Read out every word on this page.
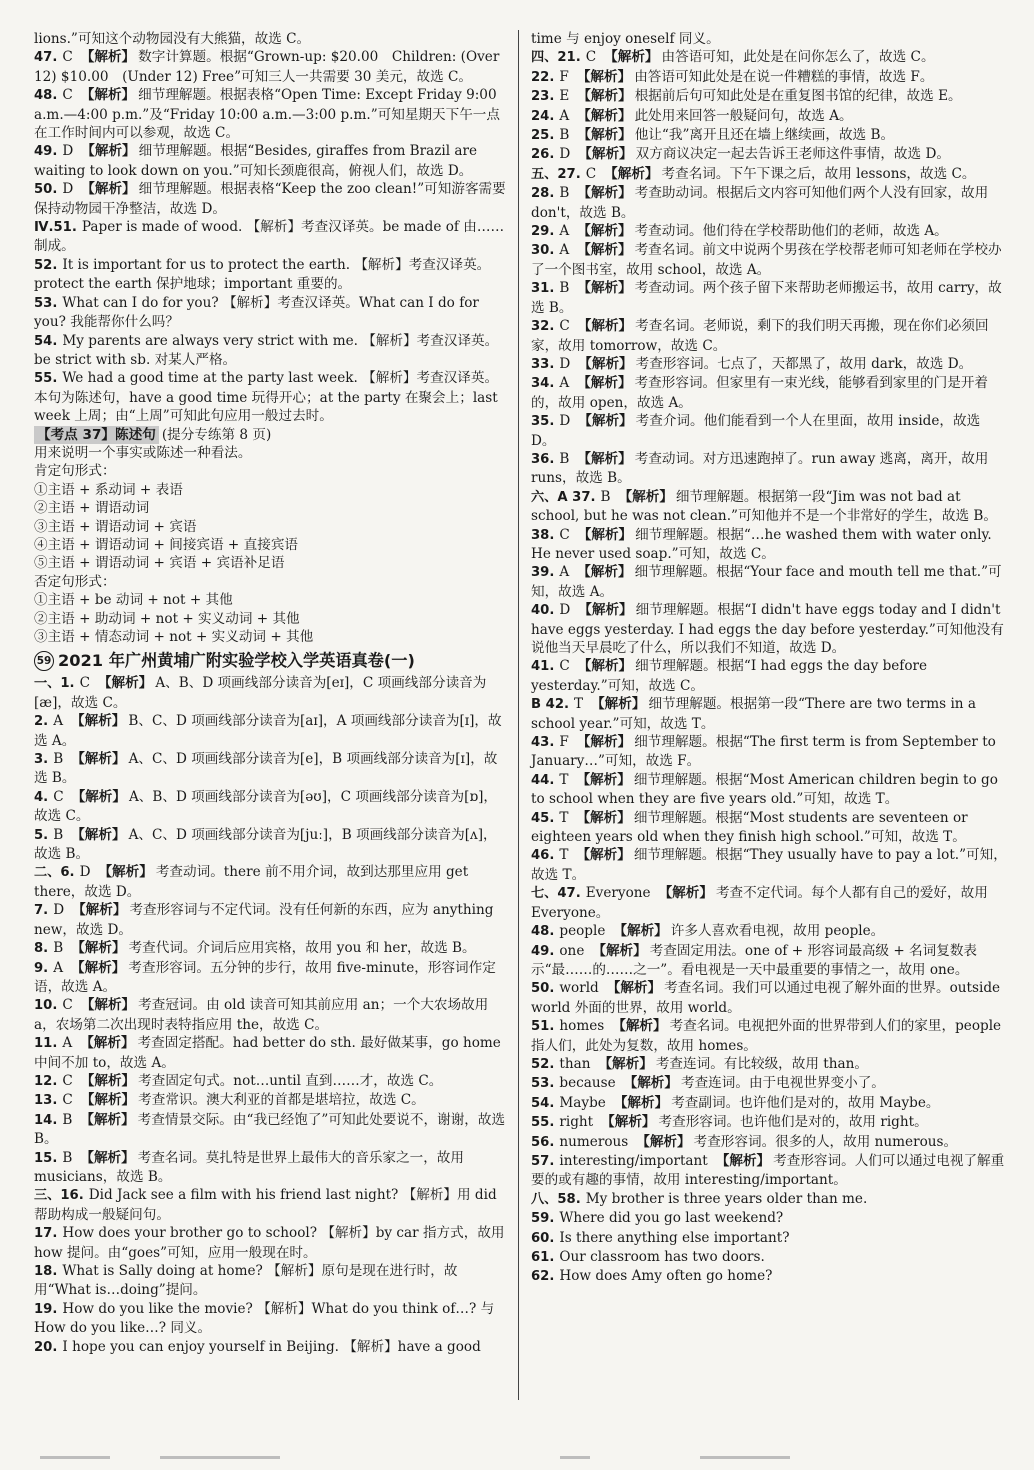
lions.”可知这个动物园没有大熊猫，故选 C。

47. C 【解析】 数字计算题。根据“Grown-up: $20.00　Children: (Over 12) $10.00　(Under 12) Free”可知三人一共需要 30 美元，故选 C。

48. C 【解析】 细节理解题。根据表格“Open Time: Except Friday 9:00 a.m.—4:00 p.m.”及“Friday 10:00 a.m.—3:00 p.m.”可知星期天下午一点在工作时间内可以参观，故选 C。

49. D 【解析】 细节理解题。根据“Besides, giraffes from Brazil are waiting to look down on you.”可知长颈鹿很高，俯视人们，故选 D。

50. D 【解析】 细节理解题。根据表格“Keep the zoo clean!”可知游客需要保持动物园干净整洁，故选 D。

Ⅳ.51. Paper is made of wood. 【解析】考查汉译英。be made of 由……制成。

52. It is important for us to protect the earth. 【解析】考查汉译英。protect the earth 保护地球；important 重要的。

53. What can I do for you? 【解析】考查汉译英。What can I do for you? 我能帮你什么吗？

54. My parents are always very strict with me. 【解析】考查汉译英。be strict with sb. 对某人严格。

55. We had a good time at the party last week. 【解析】考查汉译英。本句为陈述句，have a good time 玩得开心；at the party 在聚会上；last week 上周；由“上周”可知此句应用一般过去时。

【考点 37】陈述句 (提分专练第 8 页)

用来说明一个事实或陈述一种看法。

肯定句形式：

①主语 + 系动词 + 表语

②主语 + 谓语动词

③主语 + 谓语动词 + 宾语

④主语 + 谓语动词 + 间接宾语 + 直接宾语

⑤主语 + 谓语动词 + 宾语 + 宾语补足语

否定句形式：

①主语 + be 动词 + not + 其他

②主语 + 助动词 + not + 实义动词 + 其他

③主语 + 情态动词 + not + 实义动词 + 其他

59 2021 年广州黄埔广附实验学校入学英语真卷(一)

一、1. C 【解析】 A、B、D 项画线部分读音为[eɪ]，C 项画线部分读音为[æ]，故选 C。

2. A 【解析】 B、C、D 项画线部分读音为[aɪ]，A 项画线部分读音为[ɪ]，故选 A。

3. B 【解析】 A、C、D 项画线部分读音为[e]，B 项画线部分读音为[ɪ]，故选 B。

4. C 【解析】 A、B、D 项画线部分读音为[əʊ]，C 项画线部分读音为[ɒ]，故选 C。

5. B 【解析】 A、C、D 项画线部分读音为[juː]，B 项画线部分读音为[ʌ]，故选 B。

二、6. D 【解析】 考查动词。there 前不用介词，故到达那里应用 get there，故选 D。

7. D 【解析】 考查形容词与不定代词。没有任何新的东西，应为 anything new，故选 D。

8. B 【解析】 考查代词。介词后应用宾格，故用 you 和 her，故选 B。

9. A 【解析】 考查形容词。五分钟的步行，故用 five-minute，形容词作定语，故选 A。

10. C 【解析】 考查冠词。由 old 读音可知其前应用 an；一个大农场故用 a，农场第二次出现时表特指应用 the，故选 C。

11. A 【解析】 考查固定搭配。had better do sth. 最好做某事，go home 中间不加 to，故选 A。

12. C 【解析】 考查固定句式。not…until 直到……才，故选 C。

13. C 【解析】 考查常识。澳大利亚的首都是堪培拉，故选 C。

14. B 【解析】 考查情景交际。由“我已经饱了”可知此处要说不，谢谢，故选 B。

15. B 【解析】 考查名词。莫扎特是世界上最伟大的音乐家之一，故用 musicians，故选 B。

三、16. Did Jack see a film with his friend last night? 【解析】用 did 帮助构成一般疑问句。

17. How does your brother go to school? 【解析】by car 指方式，故用 how 提问。由“goes”可知，应用一般现在时。

18. What is Sally doing at home? 【解析】原句是现在进行时，故用“What is…doing”提问。

19. How do you like the movie? 【解析】What do you think of…? 与 How do you like…? 同义。

20. I hope you can enjoy yourself in Beijing. 【解析】have a good

time 与 enjoy oneself 同义。

四、21. C 【解析】 由答语可知，此处是在问你怎么了，故选 C。

22. F 【解析】 由答语可知此处是在说一件糟糕的事情，故选 F。

23. E 【解析】 根据前后句可知此处是在重复图书馆的纪律，故选 E。

24. A 【解析】 此处用来回答一般疑问句，故选 A。

25. B 【解析】 他让“我”离开且还在墙上继续画，故选 B。

26. D 【解析】 双方商议决定一起去告诉王老师这件事情，故选 D。

五、27. C 【解析】 考查名词。下午下课之后，故用 lessons，故选 C。

28. B 【解析】 考查助动词。根据后文内容可知他们两个人没有回家，故用 don't，故选 B。

29. A 【解析】 考查动词。他们待在学校帮助他们的老师，故选 A。

30. A 【解析】 考查名词。前文中说两个男孩在学校帮老师可知老师在学校办了一个图书室，故用 school，故选 A。

31. B 【解析】 考查动词。两个孩子留下来帮助老师搬运书，故用 carry，故选 B。

32. C 【解析】 考查名词。老师说，剩下的我们明天再搬，现在你们必须回家，故用 tomorrow，故选 C。

33. D 【解析】 考查形容词。七点了，天都黑了，故用 dark，故选 D。

34. A 【解析】 考查形容词。但家里有一束光线，能够看到家里的门是开着的，故用 open，故选 A。

35. D 【解析】 考查介词。他们能看到一个人在里面，故用 inside，故选 D。

36. B 【解析】 考查动词。对方迅速跑掉了。run away 逃离，离开，故用 runs，故选 B。

六、A 37. B 【解析】 细节理解题。根据第一段“Jim was not bad at school, but he was not clean.”可知他并不是一个非常好的学生，故选 B。

38. C 【解析】 细节理解题。根据“…he washed them with water only. He never used soap.”可知，故选 C。

39. A 【解析】 细节理解题。根据“Your face and mouth tell me that.”可知，故选 A。

40. D 【解析】 细节理解题。根据“I didn't have eggs today and I didn't have eggs yesterday. I had eggs the day before yesterday.”可知他没有说他当天早晨吃了什么，所以我们不知道，故选 D。

41. C 【解析】 细节理解题。根据“I had eggs the day before yesterday.”可知，故选 C。

B 42. T 【解析】 细节理解题。根据第一段“There are two terms in a school year.”可知，故选 T。

43. F 【解析】 细节理解题。根据“The first term is from September to January…”可知，故选 F。

44. T 【解析】 细节理解题。根据“Most American children begin to go to school when they are five years old.”可知，故选 T。

45. T 【解析】 细节理解题。根据“Most students are seventeen or eighteen years old when they finish high school.”可知，故选 T。

46. T 【解析】 细节理解题。根据“They usually have to pay a lot.”可知，故选 T。

七、47. Everyone 【解析】 考查不定代词。每个人都有自己的爱好，故用 Everyone。

48. people 【解析】 许多人喜欢看电视，故用 people。

49. one 【解析】 考查固定用法。one of + 形容词最高级 + 名词复数表示“最……的……之一”。看电视是一天中最重要的事情之一，故用 one。

50. world 【解析】 考查名词。我们可以通过电视了解外面的世界。outside world 外面的世界，故用 world。

51. homes 【解析】 考查名词。电视把外面的世界带到人们的家里，people 指人们，此处为复数，故用 homes。

52. than 【解析】 考查连词。有比较级，故用 than。

53. because 【解析】 考查连词。由于电视世界变小了。

54. Maybe 【解析】 考查副词。也许他们是对的，故用 Maybe。

55. right 【解析】 考查形容词。也许他们是对的，故用 right。

56. numerous 【解析】 考查形容词。很多的人，故用 numerous。

57. interesting/important 【解析】 考查形容词。人们可以通过电视了解重要的或有趣的事情，故用 interesting/important。

八、58. My brother is three years older than me.

59. Where did you go last weekend?

60. Is there anything else important?

61. Our classroom has two doors.

62. How does Amy often go home?
